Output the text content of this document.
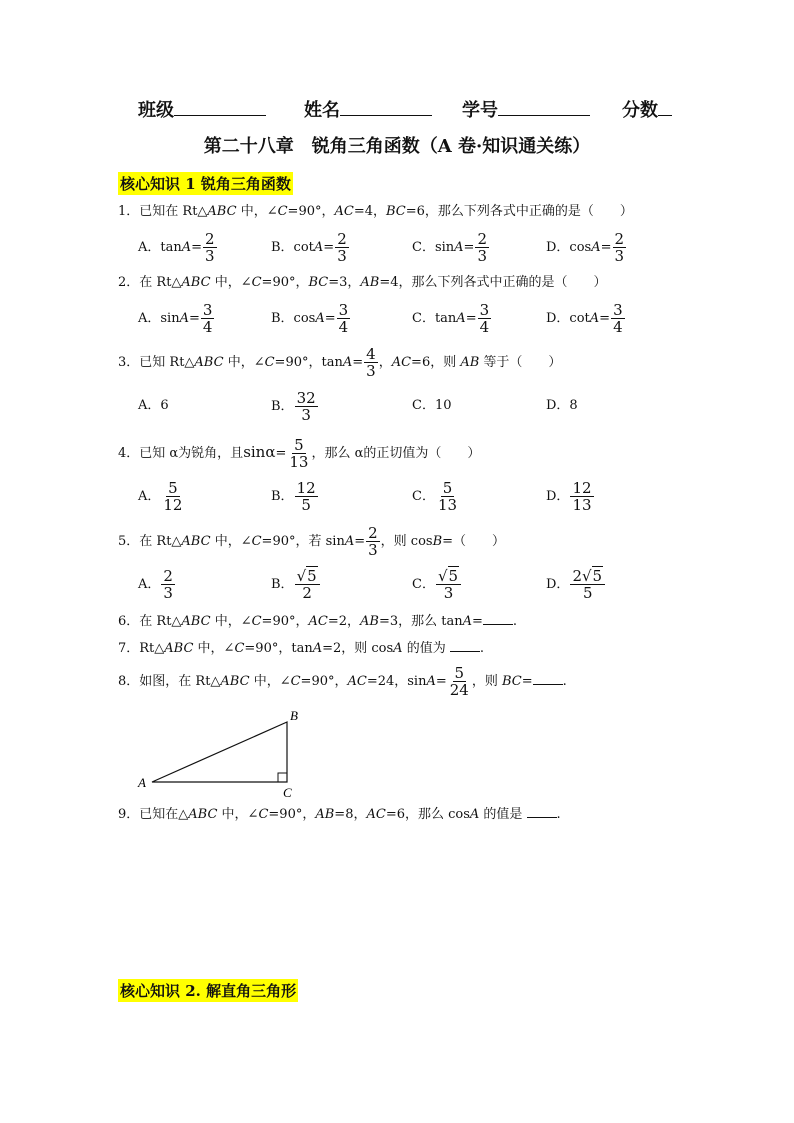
班级	姓名	学号	分数
第二十八章　锐角三角函数（A 卷·知识通关练）
核心知识 1 锐角三角函数
1．已知在 Rt△ABC 中，∠C=90°，AC=4，BC=6，那么下列各式中正确的是（　　）
A．$\tan A= \frac{2}{3}$	B．$\cot A= \frac{2}{3}$	C．$\sin A= \frac{2}{3}$	D．$\cos A= \frac{2}{3}$
2．在 Rt△ABC 中，∠C=90°，BC=3，AB=4，那么下列各式中正确的是（　　）
A．$\sin A= \frac{3}{4}$	B．$\cos A= \frac{3}{4}$	C．$\tan A= \frac{3}{4}$	D．$\cot A= \frac{3}{4}$
3．已知 Rt△ABC 中，∠C=90°，$\tan A= \frac{4}{3}$ ，AC=6，则 AB 等于（　　）
A．6	B． $\frac{32}{3}$	C．10	D．8
4．已知 α为锐角，且$\sin\alpha= \frac{5}{13}$ ，那么 α的正切值为（　　）
A． $\frac{5}{12}$	B． $\frac{12}{5}$	C． $\frac{5}{13}$	D． $\frac{12}{13}$
5．在 Rt△ABC 中，∠C=90°，若 $\sin A= \frac{2}{3}$ ，则 cosB=（　　）
A． $\frac{2}{3}$	B． $\frac{√5}{2}$	C． $\frac{√5}{3}$	D． $\frac{2√5}{5}$
6．在 Rt△ABC 中，∠C=90°，AC=2，AB=3，那么 tanA= .
7．Rt△ABC 中，∠C=90°，tanA=2，则 cosA 的值为 .
8．如图，在 Rt△ABC 中，∠C=90°，AC=24，$\sin A= \frac{5}{24}$ ，则 BC= .
A
B
C
9．已知在△ABC 中，∠C=90°，AB=8，AC=6，那么 cosA 的值是 .
核心知识 2. 解直角三角形
